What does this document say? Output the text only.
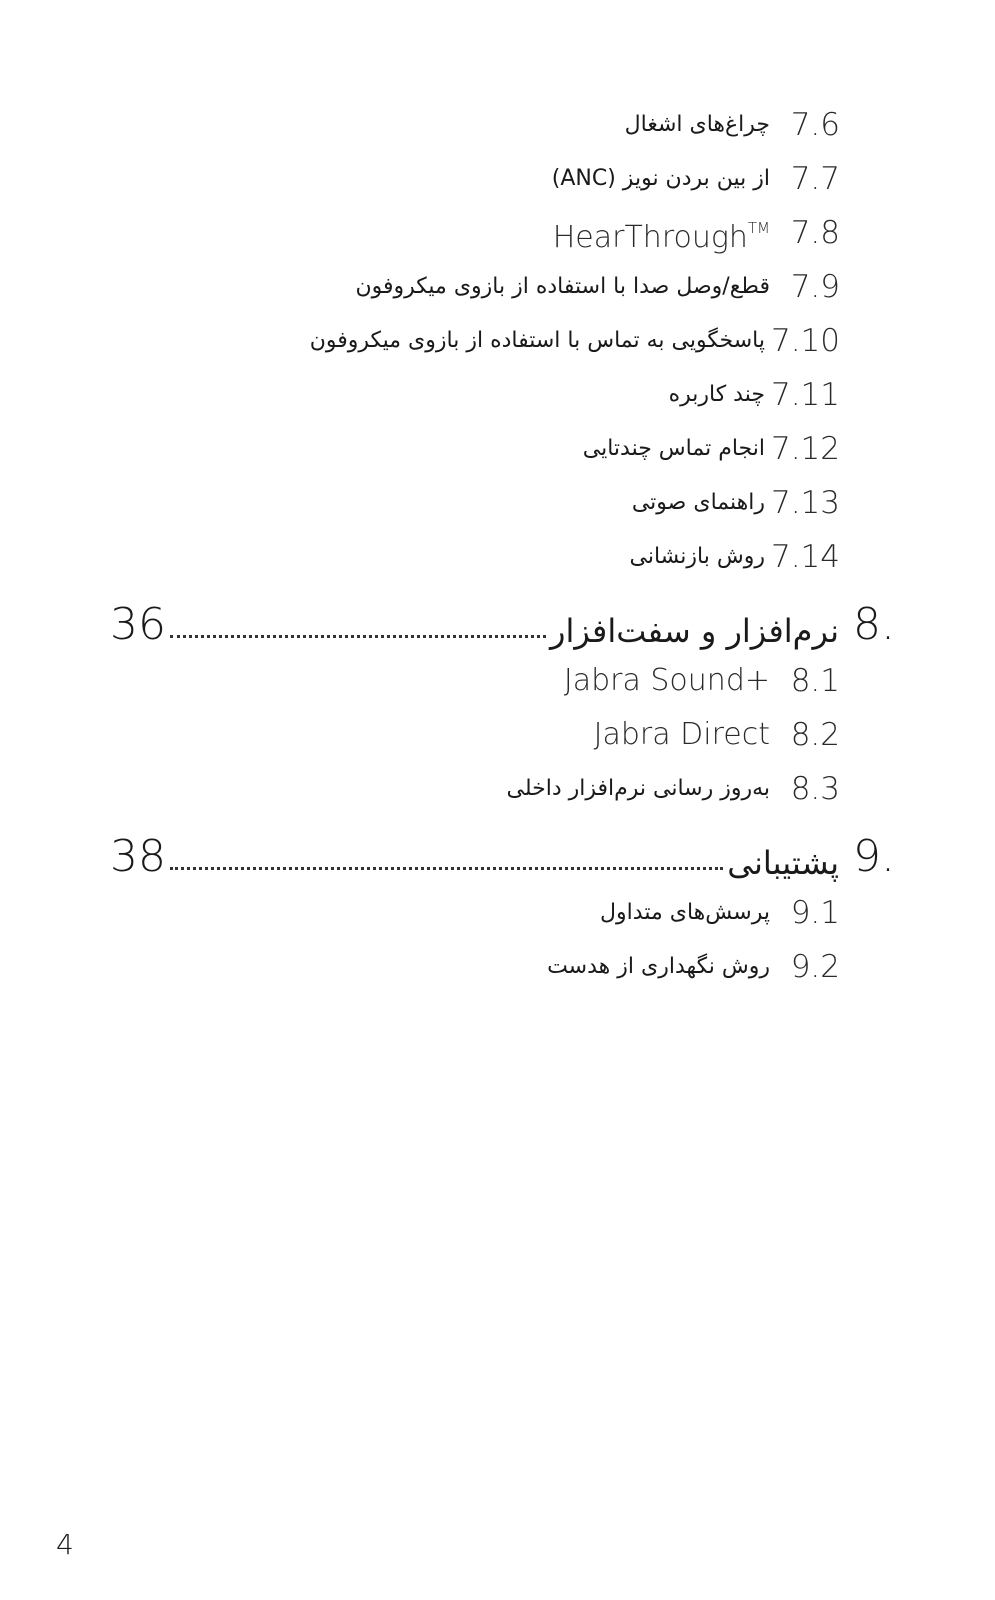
7.6
چراغ‌های اشغال
7.7
از بین بردن نویز (ANC)
7.8
HearThrough™
7.9
قطع/وصل صدا با استفاده از بازوی میکروفون
7.10
پاسخگویی به تماس با استفاده از بازوی میکروفون
7.11
چند کاربره
7.12
انجام تماس چندتایی
7.13
راهنمای صوتی
7.14
روش بازنشانی
8.
نرم‌افزار و سفت‌افزار
36
8.1
Jabra Sound+
8.2
Jabra Direct
8.3
به‌روز رسانی نرم‌افزار داخلی
9.
پشتیبانی
38
9.1
پرسش‌های متداول
9.2
روش نگهداری از هدست
4
